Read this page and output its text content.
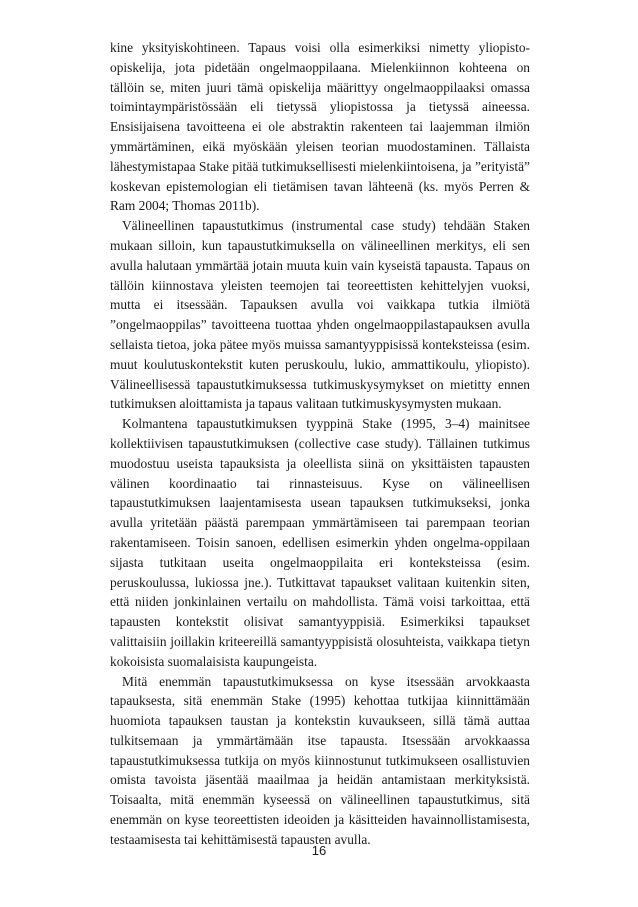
kine yksityiskohtineen. Tapaus voisi olla esimerkiksi nimetty yliopisto-opiskelija, jota pidetään ongelmaoppilaana. Mielenkiinnon kohteena on tällöin se, miten juuri tämä opiskelija määrittyy ongelmaoppilaaksi omassa toimintaympäristössään eli tietyssä yliopistossa ja tietyssä aineessa. Ensisijaisena tavoitteena ei ole abstraktin rakenteen tai laajemman ilmiön ymmärtäminen, eikä myöskään yleisen teorian muodostaminen. Tällaista lähestymistapaa Stake pitää tutkimuksellisesti mielenkiintoisena, ja ”erityistä” koskevan epistemologian eli tietämisen tavan lähteenä (ks. myös Perren & Ram 2004; Thomas 2011b).

Välineellinen tapaustutkimus (instrumental case study) tehdään Staken mukaan silloin, kun tapaustutkimuksella on välineellinen merkitys, eli sen avulla halutaan ymmärtää jotain muuta kuin vain kyseistä tapausta. Tapaus on tällöin kiinnostava yleisten teemojen tai teoreettisten kehittelyjen vuoksi, mutta ei itsessään. Tapauksen avulla voi vaikkapa tutkia ilmiötä ”ongelmaoppilas” tavoitteena tuottaa yhden ongelmaoppilastapauksen avulla sellaista tietoa, joka pätee myös muissa samantyyppisissä konteksteissa (esim. muut koulutuskontekstit kuten peruskoulu, lukio, ammattikoulu, yliopisto). Välineellisessä tapaustutkimuksessa tutkimuskysymykset on mietitty ennen tutkimuksen aloittamista ja tapaus valitaan tutkimuskysymysten mukaan.

Kolmantena tapaustutkimuksen tyyppinä Stake (1995, 3–4) mainitsee kollektiivisen tapaustutkimuksen (collective case study). Tällainen tutkimus muodostuu useista tapauksista ja oleellista siinä on yksittäisten tapausten välinen koordinaatio tai rinnasteisuus. Kyse on välineellisen tapaustutkimuksen laajentamisesta usean tapauksen tutkimukseksi, jonka avulla yritetään päästä parempaan ymmärtämiseen tai parempaan teorian rakentamiseen. Toisin sanoen, edellisen esimerkin yhden ongelma-oppilaan sijasta tutkitaan useita ongelmaoppilaita eri konteksteissa (esim. peruskoulussa, lukiossa jne.). Tutkittavat tapaukset valitaan kuitenkin siten, että niiden jonkinlainen vertailu on mahdollista. Tämä voisi tarkoittaa, että tapausten kontekstit olisivat samantyyppisiä. Esimerkiksi tapaukset valittaisiin joillakin kriteereillä samantyyppisistä olosuhteista, vaikkapa tietyn kokoisista suomalaisista kaupungeista.

Mitä enemmän tapaustutkimuksessa on kyse itsessään arvokkaasta tapauksesta, sitä enemmän Stake (1995) kehottaa tutkijaa kiinnittämään huomiota tapauksen taustan ja kontekstin kuvaukseen, sillä tämä auttaa tulkitsemaan ja ymmärtämään itse tapausta. Itsessään arvokkaassa tapaustutkimuksessa tutkija on myös kiinnostunut tutkimukseen osallistuvien omista tavoista jäsentää maailmaa ja heidän antamistaan merkityksistä. Toisaalta, mitä enemmän kyseessä on välineellinen tapaustutkimus, sitä enemmän on kyse teoreettisten ideoiden ja käsitteiden havainnollistamisesta, testaamisesta tai kehittämisestä tapausten avulla.

16
